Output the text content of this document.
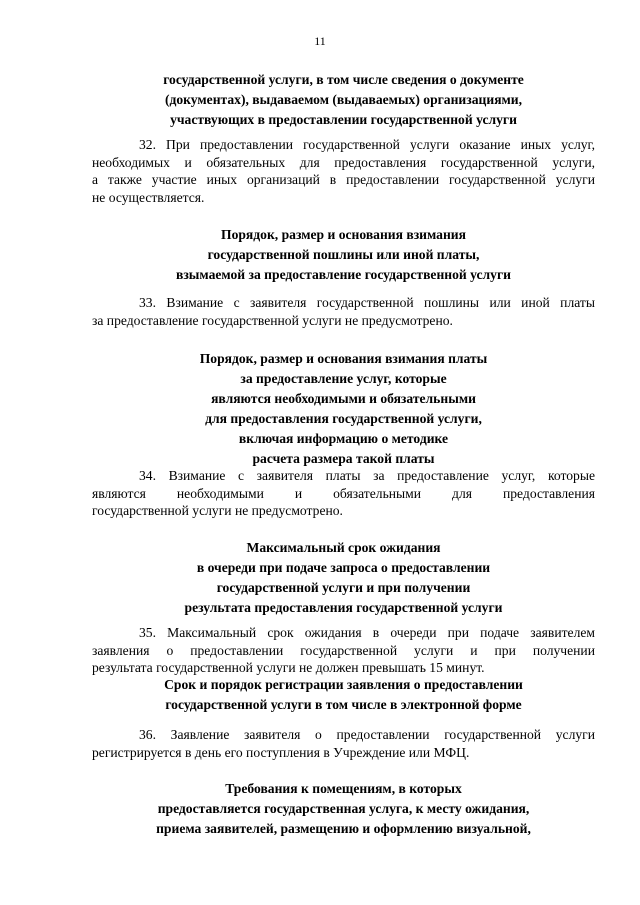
11
государственной услуги, в том числе сведения о документе
(документах), выдаваемом (выдаваемых) организациями,
участвующих в предоставлении государственной услуги

32. При предоставлении государственной услуги оказание иных услуг,

необходимых и обязательных для предоставления государственной услуги,

а также участие иных организаций в предоставлении государственной услуги

не осуществляется.

Порядок, размер и основания взимания
государственной пошлины или иной платы,
взымаемой за предоставление государственной услуги

33. Взимание с заявителя государственной пошлины или иной платы

за предоставление государственной услуги не предусмотрено.

Порядок, размер и основания взимания платы
за предоставление услуг, которые
являются необходимыми и обязательными
для предоставления государственной услуги,
включая информацию о методике
расчета размера такой платы

34. Взимание с заявителя платы за предоставление услуг, которые

являются необходимыми и обязательными для предоставления

государственной услуги не предусмотрено.

Максимальный срок ожидания
в очереди при подаче запроса о предоставлении
государственной услуги и при получении
результата предоставления государственной услуги

35. Максимальный срок ожидания в очереди при подаче заявителем

заявления о предоставлении государственной услуги и при получении

результата государственной услуги не должен превышать 15 минут.

Срок и порядок регистрации заявления о предоставлении
государственной услуги в том числе в электронной форме

36. Заявление заявителя о предоставлении государственной услуги

регистрируется в день его поступления в Учреждение или МФЦ.

Требования к помещениям, в которых
предоставляется государственная услуга, к месту ожидания,
приема заявителей, размещению и оформлению визуальной,
